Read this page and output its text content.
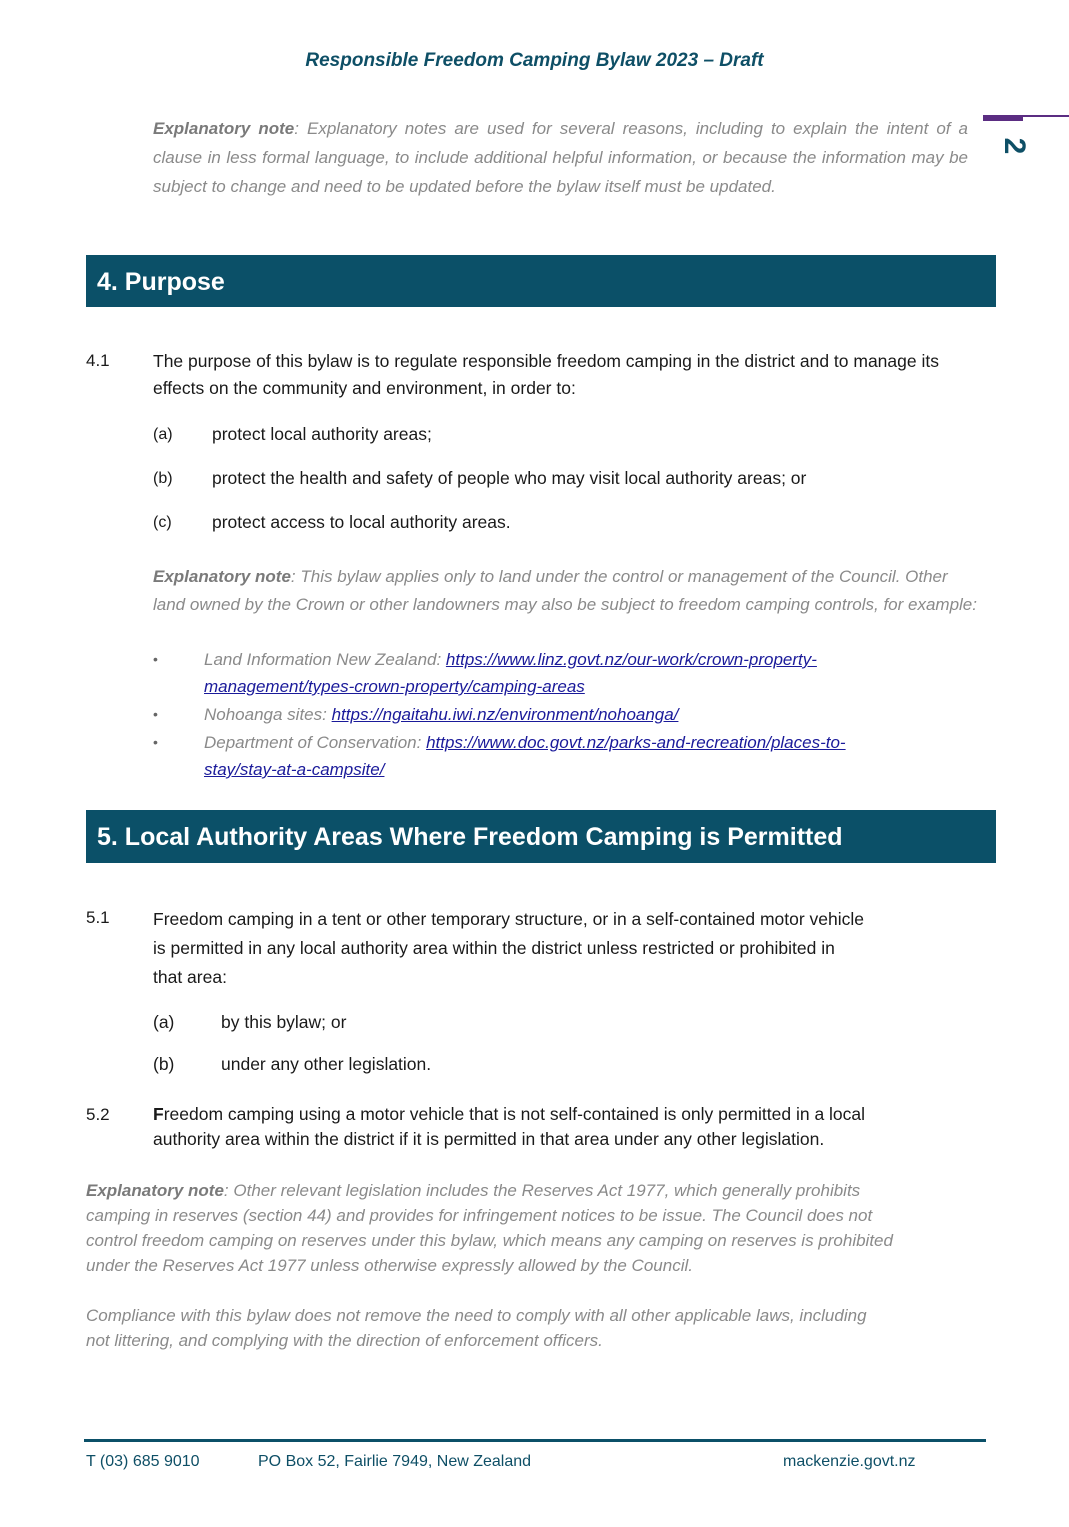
Responsible Freedom Camping Bylaw 2023 – Draft
2
Explanatory note: Explanatory notes are used for several reasons, including to explain the intent of a clause in less formal language, to include additional helpful information, or because the information may be subject to change and need to be updated before the bylaw itself must be updated.
4. Purpose
4.1 The purpose of this bylaw is to regulate responsible freedom camping in the district and to manage its effects on the community and environment, in order to:
(a) protect local authority areas;
(b) protect the health and safety of people who may visit local authority areas; or
(c) protect access to local authority areas.
Explanatory note: This bylaw applies only to land under the control or management of the Council. Other land owned by the Crown or other landowners may also be subject to freedom camping controls, for example:
•	Land Information New Zealand: https://www.linz.govt.nz/our-work/crown-property-
management/types-crown-property/camping-areas
•	Nohoanga sites: https://ngaitahu.iwi.nz/environment/nohoanga/
•	Department of Conservation: https://www.doc.govt.nz/parks-and-recreation/places-to-
stay/stay-at-a-campsite/
5. Local Authority Areas Where Freedom Camping is Permitted
5.1 Freedom camping in a tent or other temporary structure, or in a self-contained motor vehicle
is permitted in any local authority area within the district unless restricted or prohibited in
that area:
(a)	by this bylaw; or
(b)	under any other legislation.
5.2 Freedom camping using a motor vehicle that is not self-contained is only permitted in a local
authority area within the district if it is permitted in that area under any other legislation.
Explanatory note: Other relevant legislation includes the Reserves Act 1977, which generally prohibits
camping in reserves (section 44) and provides for infringement notices to be issue. The Council does not
control freedom camping on reserves under this bylaw, which means any camping on reserves is prohibited
under the Reserves Act 1977 unless otherwise expressly allowed by the Council.
Compliance with this bylaw does not remove the need to comply with all other applicable laws, including
not littering, and complying with the direction of enforcement officers.
T (03) 685 9010	PO Box 52, Fairlie 7949, New Zealand	mackenzie.govt.nz
